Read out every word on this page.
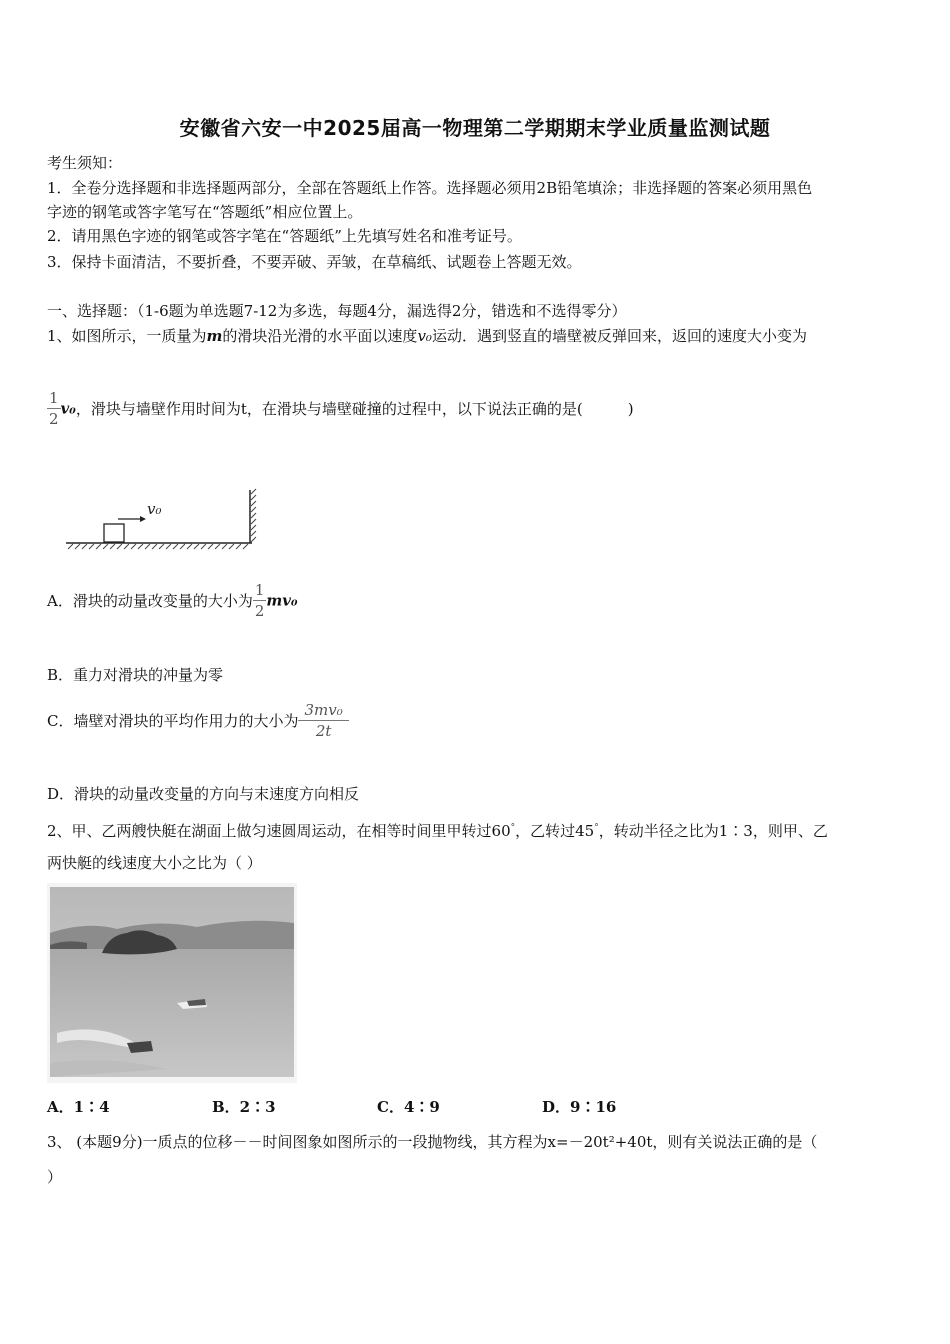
安徽省六安一中2025届高一物理第二学期期末学业质量监测试题
考生须知：
1．全卷分选择题和非选择题两部分，全部在答题纸上作答。选择题必须用2B铅笔填涂；非选择题的答案必须用黑色
字迹的钢笔或答字笔写在“答题纸”相应位置上。
2．请用黑色字迹的钢笔或答字笔在“答题纸”上先填写姓名和准考证号。
3．保持卡面清洁，不要折叠，不要弄破、弄皱，在草稿纸、试题卷上答题无效。
一、选择题：（1-6题为单选题7-12为多选，每题4分，漏选得2分，错选和不选得零分）
1、如图所示，一质量为m的滑块沿光滑的水平面以速度v₀运动．遇到竖直的墙壁被反弹回来，返回的速度大小变为
$\frac{1}{2} v_0$，滑块与墙壁作用时间为t，在滑块与墙壁碰撞的过程中，以下说法正确的是(　　　)
v₀
A．滑块的动量改变量的大小为 $\frac{1}{2} mv_0$
B．重力对滑块的冲量为零
C．墙壁对滑块的平均作用力的大小为 $\frac{\text{3mv₀}}{2t}$
D．滑块的动量改变量的方向与末速度方向相反
2、甲、乙两艘快艇在湖面上做匀速圆周运动，在相等时间里甲转过60°，乙转过45°，转动半径之比为1∶3，则甲、乙
两快艇的线速度大小之比为（ ）
A．1∶4	B．2∶3	C．4∶9	D．9∶16
3、 (本题9分)一质点的位移－－时间图象如图所示的一段抛物线，其方程为x=－20t²+40t，则有关说法正确的是（
）
